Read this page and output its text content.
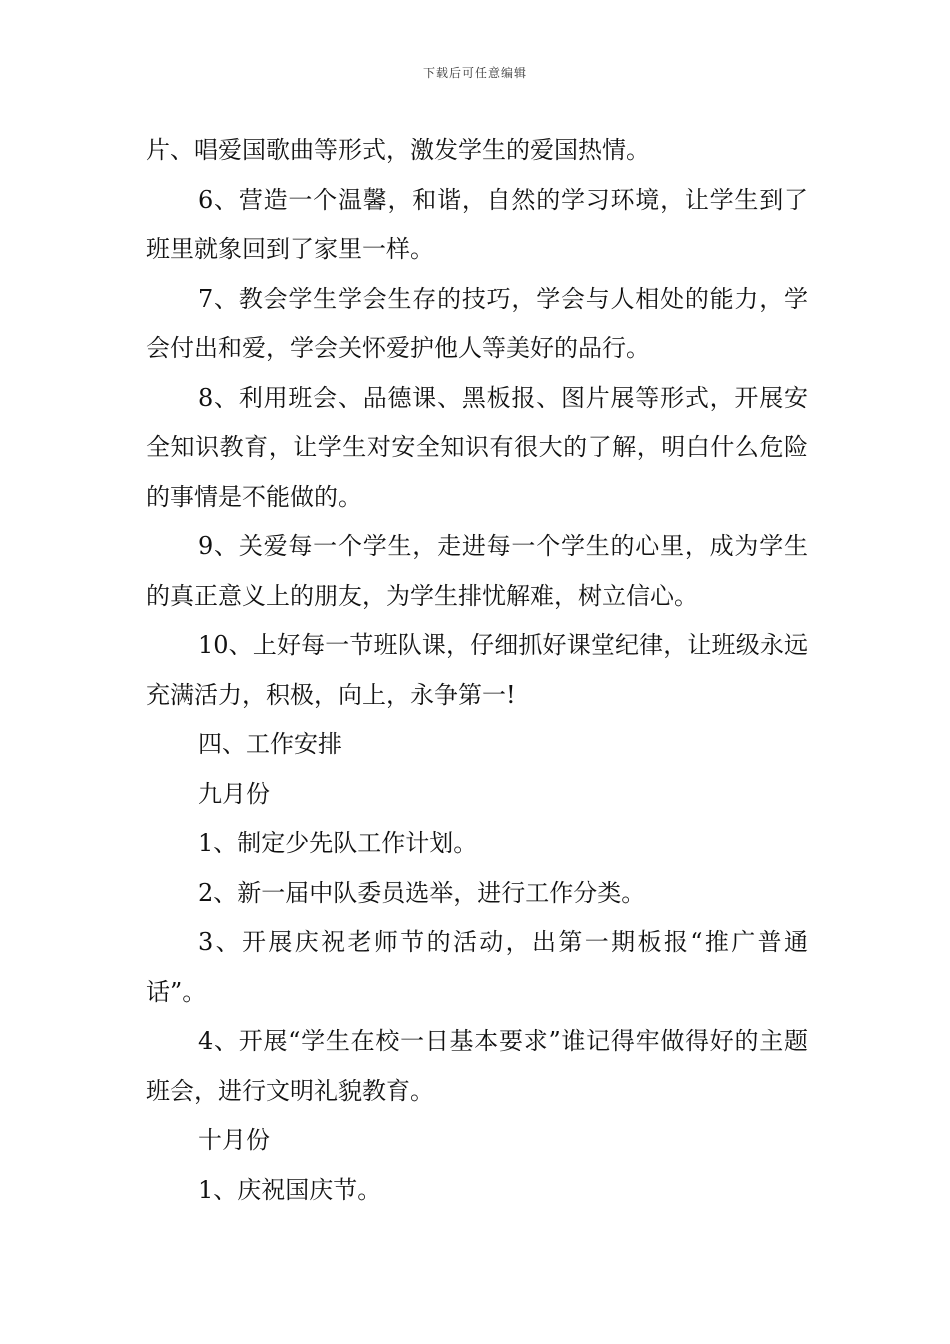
下载后可任意编辑

片、唱爱国歌曲等形式，激发学生的爱国热情。

6、营造一个温馨，和谐，自然的学习环境，让学生到了班里就象回到了家里一样。

7、教会学生学会生存的技巧，学会与人相处的能力，学会付出和爱，学会关怀爱护他人等美好的品行。

8、利用班会、品德课、黑板报、图片展等形式，开展安全知识教育，让学生对安全知识有很大的了解，明白什么危险的事情是不能做的。

9、关爱每一个学生，走进每一个学生的心里，成为学生的真正意义上的朋友，为学生排忧解难，树立信心。

10、上好每一节班队课，仔细抓好课堂纪律，让班级永远充满活力，积极，向上，永争第一!

四、工作安排

九月份

1、制定少先队工作计划。

2、新一届中队委员选举，进行工作分类。

3、开展庆祝老师节的活动，出第一期板报“推广普通话”。

4、开展“学生在校一日基本要求”谁记得牢做得好的主题班会，进行文明礼貌教育。

十月份

1、庆祝国庆节。
